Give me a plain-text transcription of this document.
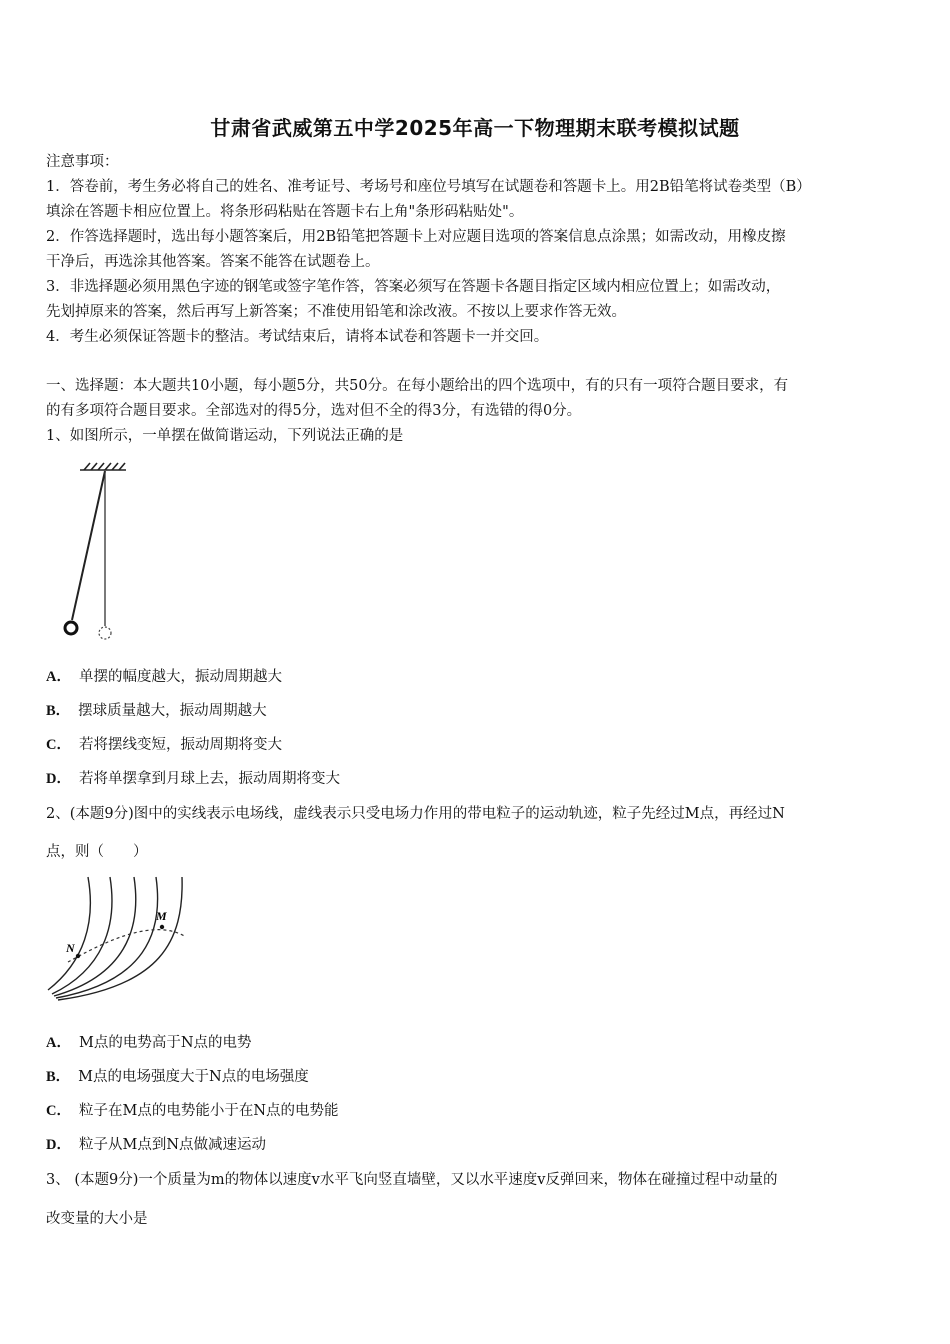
甘肃省武威第五中学2025年高一下物理期末联考模拟试题
注意事项：
1．答卷前，考生务必将自己的姓名、准考证号、考场号和座位号填写在试题卷和答题卡上。用2B铅笔将试卷类型（B）
填涂在答题卡相应位置上。将条形码粘贴在答题卡右上角"条形码粘贴处"。
2．作答选择题时，选出每小题答案后，用2B铅笔把答题卡上对应题目选项的答案信息点涂黑；如需改动，用橡皮擦
干净后，再选涂其他答案。答案不能答在试题卷上。
3．非选择题必须用黑色字迹的钢笔或签字笔作答，答案必须写在答题卡各题目指定区域内相应位置上；如需改动，
先划掉原来的答案，然后再写上新答案；不准使用铅笔和涂改液。不按以上要求作答无效。
4．考生必须保证答题卡的整洁。考试结束后，请将本试卷和答题卡一并交回。
一、选择题：本大题共10小题，每小题5分，共50分。在每小题给出的四个选项中，有的只有一项符合题目要求，有
的有多项符合题目要求。全部选对的得5分，选对但不全的得3分，有选错的得0分。
1、如图所示，一单摆在做简谐运动，下列说法正确的是
A． 单摆的幅度越大，振动周期越大
B． 摆球质量越大，振动周期越大
C． 若将摆线变短，振动周期将变大
D． 若将单摆拿到月球上去，振动周期将变大
2、(本题9分)图中的实线表示电场线，虚线表示只受电场力作用的带电粒子的运动轨迹，粒子先经过M点，再经过N
点，则（　　）
M
N
A． M点的电势高于N点的电势
B． M点的电场强度大于N点的电场强度
C． 粒子在M点的电势能小于在N点的电势能
D． 粒子从M点到N点做减速运动
3、 (本题9分)一个质量为m的物体以速度v水平飞向竖直墙壁，又以水平速度v反弹回来，物体在碰撞过程中动量的
改变量的大小是
